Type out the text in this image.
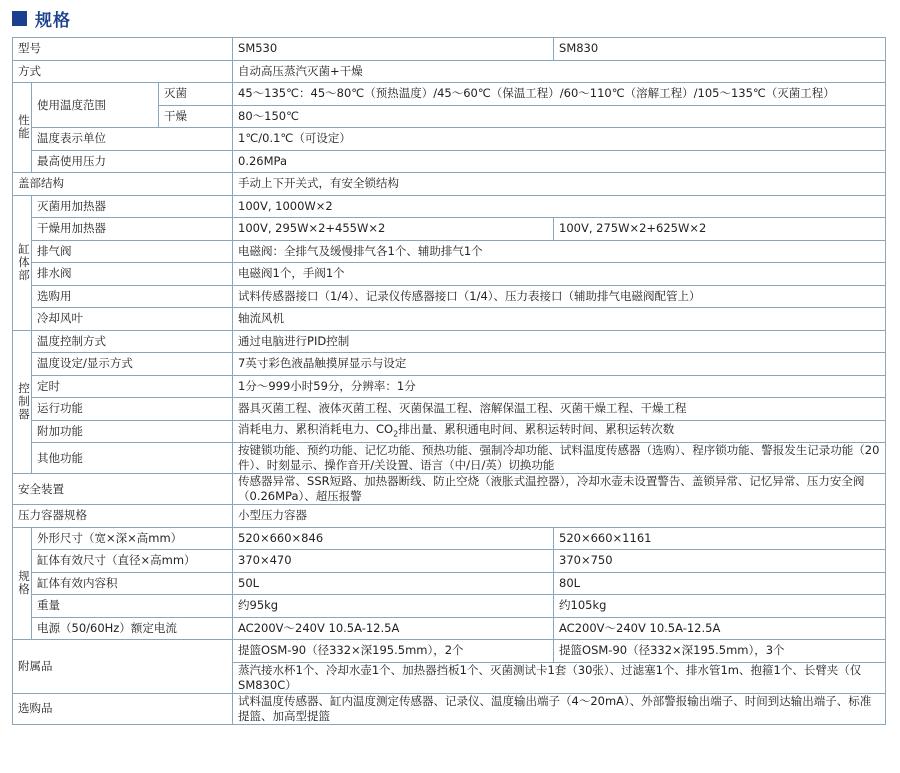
规格
型号			SM530	SM830
方式			自动高压蒸汽灭菌+干燥	
性能	使用温度范围	灭菌	45～135℃：45～80℃（预热温度）/45～60℃（保温工程）/60～110℃（溶解工程）/105～135℃（灭菌工程）	
		干燥	80～150℃	
	温度表示单位		1℃/0.1℃（可设定）	
	最高使用压力		0.26MPa	
盖部结构			手动上下开关式，有安全锁结构	
缸体部	灭菌用加热器		100V, 1000W×2	
	干燥用加热器		100V, 295W×2+455W×2	100V, 275W×2+625W×2
	排气阀		电磁阀：全排气及缓慢排气各1个、辅助排气1个	
	排水阀		电磁阀1个，手阀1个	
	选购用		试料传感器接口（1/4）、记录仪传感器接口（1/4）、压力表接口（辅助排气电磁阀配管上）	
	冷却风叶		轴流风机	
控制器	温度控制方式		通过电脑进行PID控制	
	温度设定/显示方式		7英寸彩色液晶触摸屏显示与设定	
	定时		1分～999小时59分，分辨率：1分	
	运行功能		器具灭菌工程、液体灭菌工程、灭菌保温工程、溶解保温工程、灭菌干燥工程、干燥工程	
	附加功能		消耗电力、累积消耗电力、$CO_2$排出量、累积通电时间、累积运转时间、累积运转次数	
	其他功能		按键锁功能、预约功能、记忆功能、预热功能、强制冷却功能、试料温度传感器（选购）、程序锁功能、警报发生记录功能（20件）、时刻显示、操作音开/关设置、语言（中/日/英）切换功能	
安全装置			传感器异常、SSR短路、加热器断线、防止空烧（液胀式温控器），冷却水壶未设置警告、盖锁异常、记忆异常、压力安全阀（0.26MPa）、超压报警	
压力容器规格			小型压力容器	
规格	外形尺寸（宽×深×高mm）		520×660×846	520×660×1161
	缸体有效尺寸（直径×高mm）		370×470	370×750
	缸体有效内容积		50L	80L
	重量		约95kg	约105kg
	电源（50/60Hz）额定电流		AC200V～240V 10.5A-12.5A	AC200V～240V 10.5A-12.5A
附属品			提篮OSM-90（径332×深195.5mm），2个	提篮OSM-90（径332×深195.5mm），3个
			蒸汽接水杯1个、冷却水壶1个、加热器挡板1个、灭菌测试卡1套（30张）、过滤塞1个、排水管1m、抱箍1个、长臂夹（仅SM830C）	
选购品			试料温度传感器、缸内温度测定传感器、记录仪、温度输出端子（4～20mA）、外部警报输出端子、时间到达输出端子、标准提篮、加高型提篮	
